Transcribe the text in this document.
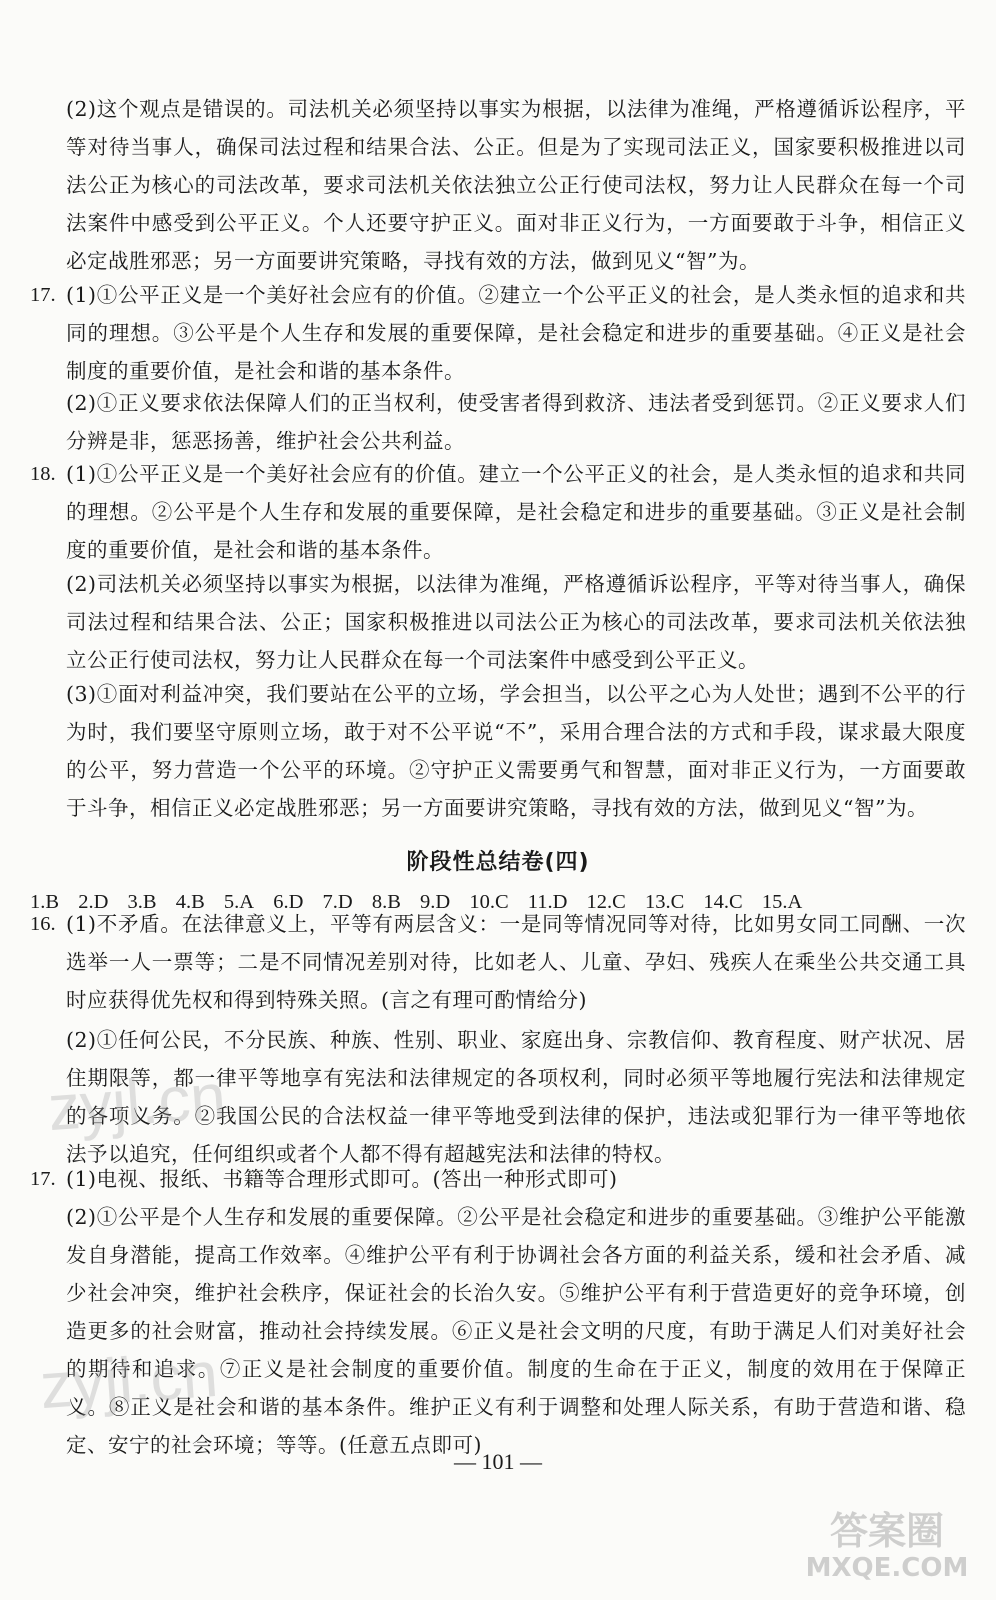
(2)这个观点是错误的。司法机关必须坚持以事实为根据，以法律为准绳，严格遵循诉讼程序，平等对待当事人，确保司法过程和结果合法、公正。但是为了实现司法正义，国家要积极推进以司法公正为核心的司法改革，要求司法机关依法独立公正行使司法权，努力让人民群众在每一个司法案件中感受到公平正义。个人还要守护正义。面对非正义行为，一方面要敢于斗争，相信正义必定战胜邪恶；另一方面要讲究策略，寻找有效的方法，做到见义“智”为。

17. (1)①公平正义是一个美好社会应有的价值。②建立一个公平正义的社会，是人类永恒的追求和共同的理想。③公平是个人生存和发展的重要保障，是社会稳定和进步的重要基础。④正义是社会制度的重要价值，是社会和谐的基本条件。

(2)①正义要求依法保障人们的正当权利，使受害者得到救济、违法者受到惩罚。②正义要求人们分辨是非，惩恶扬善，维护社会公共利益。

18. (1)①公平正义是一个美好社会应有的价值。建立一个公平正义的社会，是人类永恒的追求和共同的理想。②公平是个人生存和发展的重要保障，是社会稳定和进步的重要基础。③正义是社会制度的重要价值，是社会和谐的基本条件。

(2)司法机关必须坚持以事实为根据，以法律为准绳，严格遵循诉讼程序，平等对待当事人，确保司法过程和结果合法、公正；国家积极推进以司法公正为核心的司法改革，要求司法机关依法独立公正行使司法权，努力让人民群众在每一个司法案件中感受到公平正义。

(3)①面对利益冲突，我们要站在公平的立场，学会担当，以公平之心为人处世；遇到不公平的行为时，我们要坚守原则立场，敢于对不公平说“不”，采用合理合法的方式和手段，谋求最大限度的公平，努力营造一个公平的环境。②守护正义需要勇气和智慧，面对非正义行为，一方面要敢于斗争，相信正义必定战胜邪恶；另一方面要讲究策略，寻找有效的方法，做到见义“智”为。

阶段性总结卷(四)
1.B 2.D 3.B 4.B 5.A 6.D 7.D 8.B 9.D 10.C 11.D 12.C 13.C 14.C 15.A
16. (1)不矛盾。在法律意义上，平等有两层含义：一是同等情况同等对待，比如男女同工同酬、一次选举一人一票等；二是不同情况差别对待，比如老人、儿童、孕妇、残疾人在乘坐公共交通工具时应获得优先权和得到特殊关照。(言之有理可酌情给分)

(2)①任何公民，不分民族、种族、性别、职业、家庭出身、宗教信仰、教育程度、财产状况、居住期限等，都一律平等地享有宪法和法律规定的各项权利，同时必须平等地履行宪法和法律规定的各项义务。②我国公民的合法权益一律平等地受到法律的保护，违法或犯罪行为一律平等地依法予以追究，任何组织或者个人都不得有超越宪法和法律的特权。

17. (1)电视、报纸、书籍等合理形式即可。(答出一种形式即可)

(2)①公平是个人生存和发展的重要保障。②公平是社会稳定和进步的重要基础。③维护公平能激发自身潜能，提高工作效率。④维护公平有利于协调社会各方面的利益关系，缓和社会矛盾、减少社会冲突，维护社会秩序，保证社会的长治久安。⑤维护公平有利于营造更好的竞争环境，创造更多的社会财富，推动社会持续发展。⑥正义是社会文明的尺度，有助于满足人们对美好社会的期待和追求。⑦正义是社会制度的重要价值。制度的生命在于正义，制度的效用在于保障正义。⑧正义是社会和谐的基本条件。维护正义有利于调整和处理人际关系，有助于营造和谐、稳定、安宁的社会环境；等等。(任意五点即可)

— 101 —
zyjl.cn
zyjl.cn
答案圈
MXQE.COM
